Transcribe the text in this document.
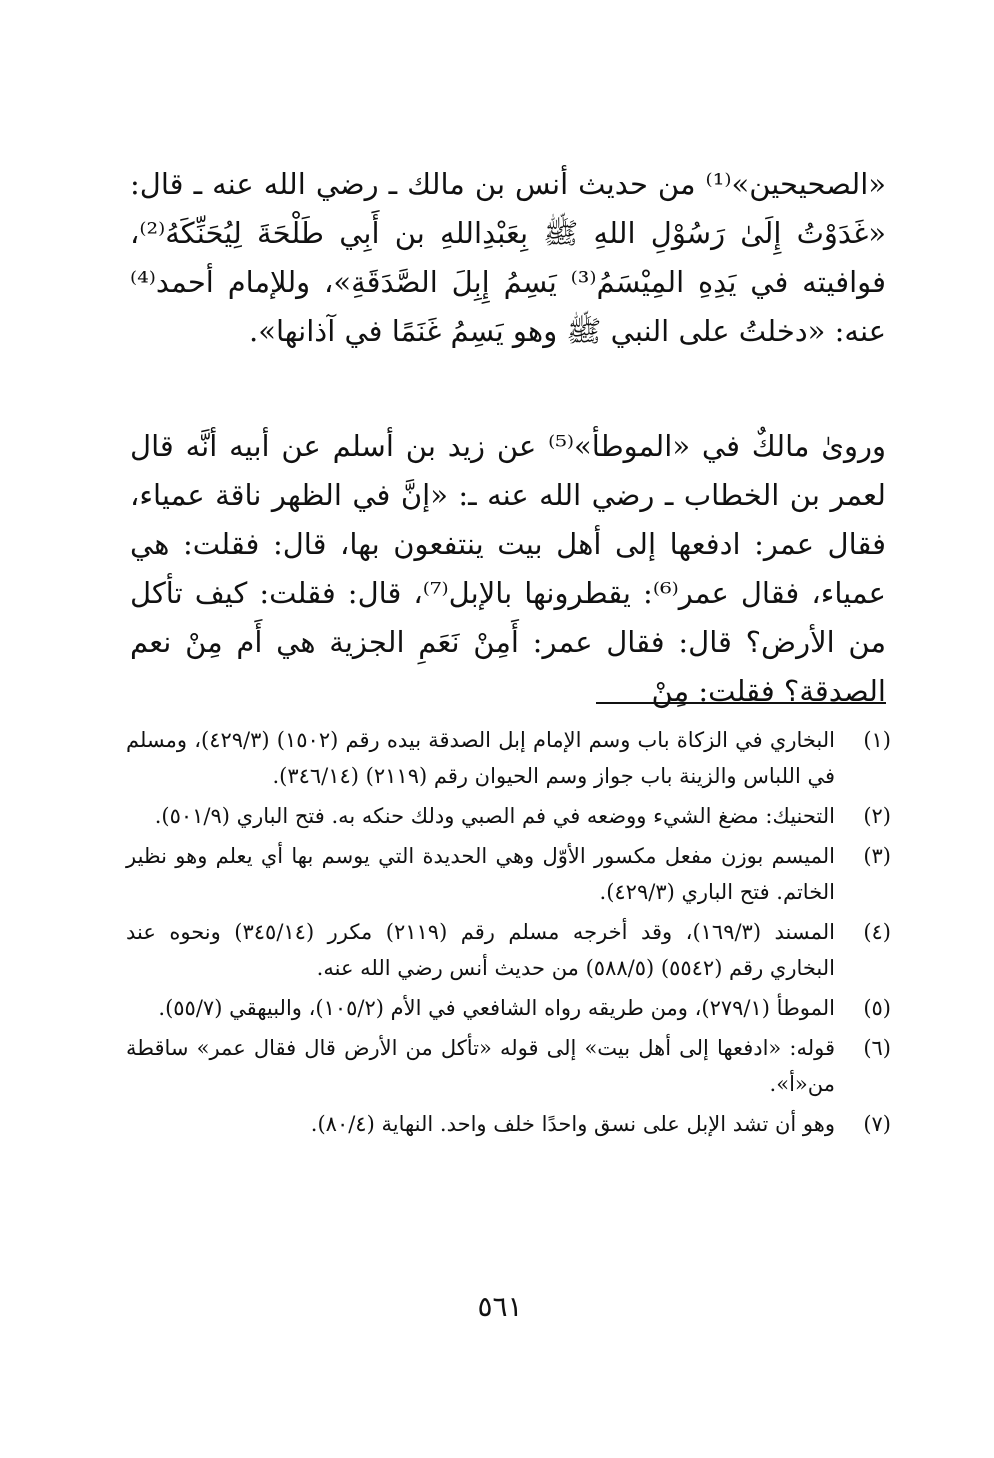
«الصحيحين»⁽¹⁾ من حديث أنس بن مالك ـ رضي الله عنه ـ قال: «غَدَوْتُ إِلَىٰ رَسُوْلِ اللهِ ﷺ بِعَبْدِاللهِ بن أَبِي طَلْحَةَ لِيُحَنِّكَهُ⁽²⁾، فوافيته في يَدِهِ المِيْسَمُ⁽³⁾ يَسِمُ إِبِلَ الصَّدَقَةِ»، وللإمام أحمد⁽⁴⁾ عنه: «دخلتُ على النبي ﷺ وهو يَسِمُ غَنَمًا في آذانها».

وروىٰ مالكٌ في «الموطأ»⁽⁵⁾ عن زيد بن أسلم عن أبيه أنَّه قال لعمر بن الخطاب ـ رضي الله عنه ـ: «إنَّ في الظهر ناقة عمياء، فقال عمر: ادفعها إلى أهل بيت ينتفعون بها، قال: فقلت: هي عمياء، فقال عمر⁽⁶⁾: يقطرونها بالإبل⁽⁷⁾، قال: فقلت: كيف تأكل من الأرض؟ قال: فقال عمر: أَمِنْ نَعَمِ الجزية هي أَم مِنْ نعم الصدقة؟ فقلت: مِنْ

(١)
البخاري في الزكاة باب وسم الإمام إبل الصدقة بيده رقم (١٥٠٢) (٤٢٩/٣)، ومسلم في اللباس والزينة باب جواز وسم الحيوان رقم (٢١١٩) (٣٤٦/١٤).
(٢)
التحنيك: مضغ الشيء ووضعه في فم الصبي ودلك حنكه به. فتح الباري (٥٠١/٩).
(٣)
الميسم بوزن مفعل مكسور الأوّل وهي الحديدة التي يوسم بها أي يعلم وهو نظير الخاتم. فتح الباري (٤٢٩/٣).
(٤)
المسند (١٦٩/٣)، وقد أخرجه مسلم رقم (٢١١٩) مكرر (٣٤٥/١٤) ونحوه عند البخاري رقم (٥٥٤٢) (٥٨٨/٥) من حديث أنس رضي الله عنه.
(٥)
الموطأ (٢٧٩/١)، ومن طريقه رواه الشافعي في الأم (١٠٥/٢)، والبيهقي (٥٥/٧).
(٦)
قوله: «ادفعها إلى أهل بيت» إلى قوله «تأكل من الأرض قال فقال عمر» ساقطة من«أ».
(٧)
وهو أن تشد الإبل على نسق واحدًا خلف واحد. النهاية (٨٠/٤).
٥٦١
